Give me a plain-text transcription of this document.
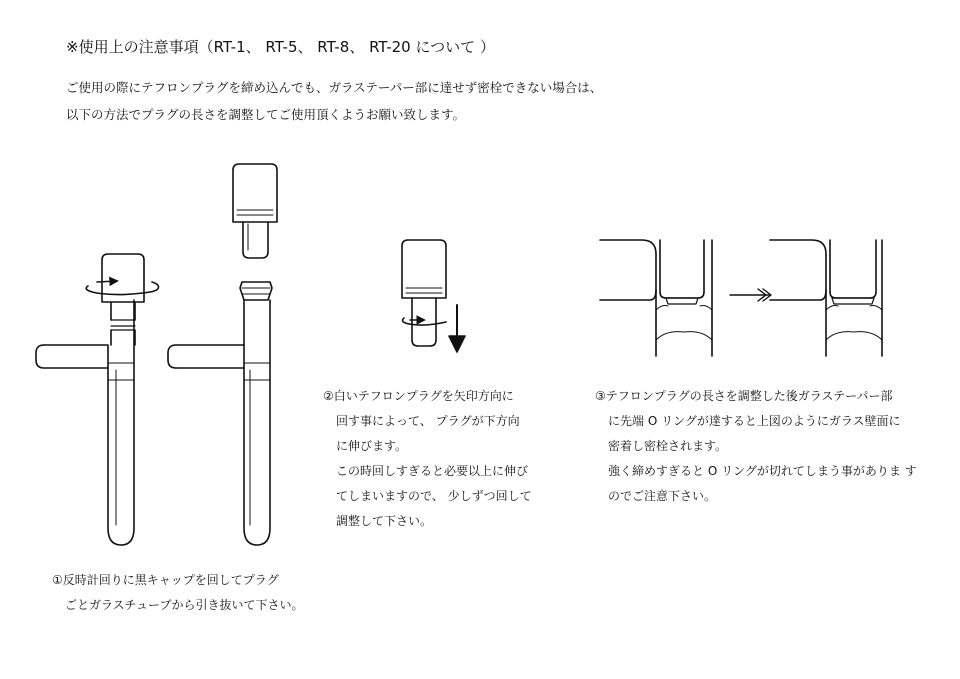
※使用上の注意事項（RT-1、 RT-5、 RT-8、 RT-20 について ）
ご使用の際にテフロンプラグを締め込んでも、ガラステーパー部に達せず密栓できない場合は、
以下の方法でプラグの長さを調整してご使用頂くようお願い致します。
①反時計回りに黒キャップを回してプラグ
ごとガラスチューブから引き抜いて下さい。
②白いテフロンプラグを矢印方向に
回す事によって、 プラグが下方向
に伸びます。
この時回しすぎると必要以上に伸び
てしまいますので、 少しずつ回して
調整して下さい。
③テフロンプラグの長さを調整した後ガラステーパー部
に先端 O リングが達すると上図のようにガラス壁面に
密着し密栓されます。
強く締めすぎると O リングが切れてしまう事がありま す
のでご注意下さい。
